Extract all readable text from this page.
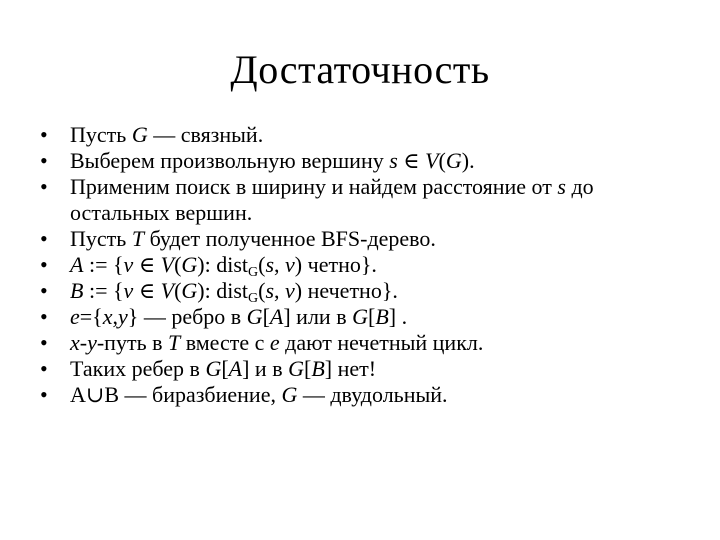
Достаточность
•	Пусть G — связный.
•	Выберем произвольную вершину s ∈ V(G).
•	Применим поиск в ширину и найдем расстояние от s до остальных вершин.
•	Пусть T будет полученное BFS-дерево.
•	A := {v ∈ V(G): dist$_G$(s, v) четно}.
•	B := {v ∈ V(G): dist$_G$(s, v) нечетно}.
•	e={x,y} — ребро в G[A] или в G[B] .
•	x-y-путь в T вместе с e дают нечетный цикл.
•	Таких ребер в G[A] и в G[B] нет!
•	A∪B — биразбиение, G — двудольный.
